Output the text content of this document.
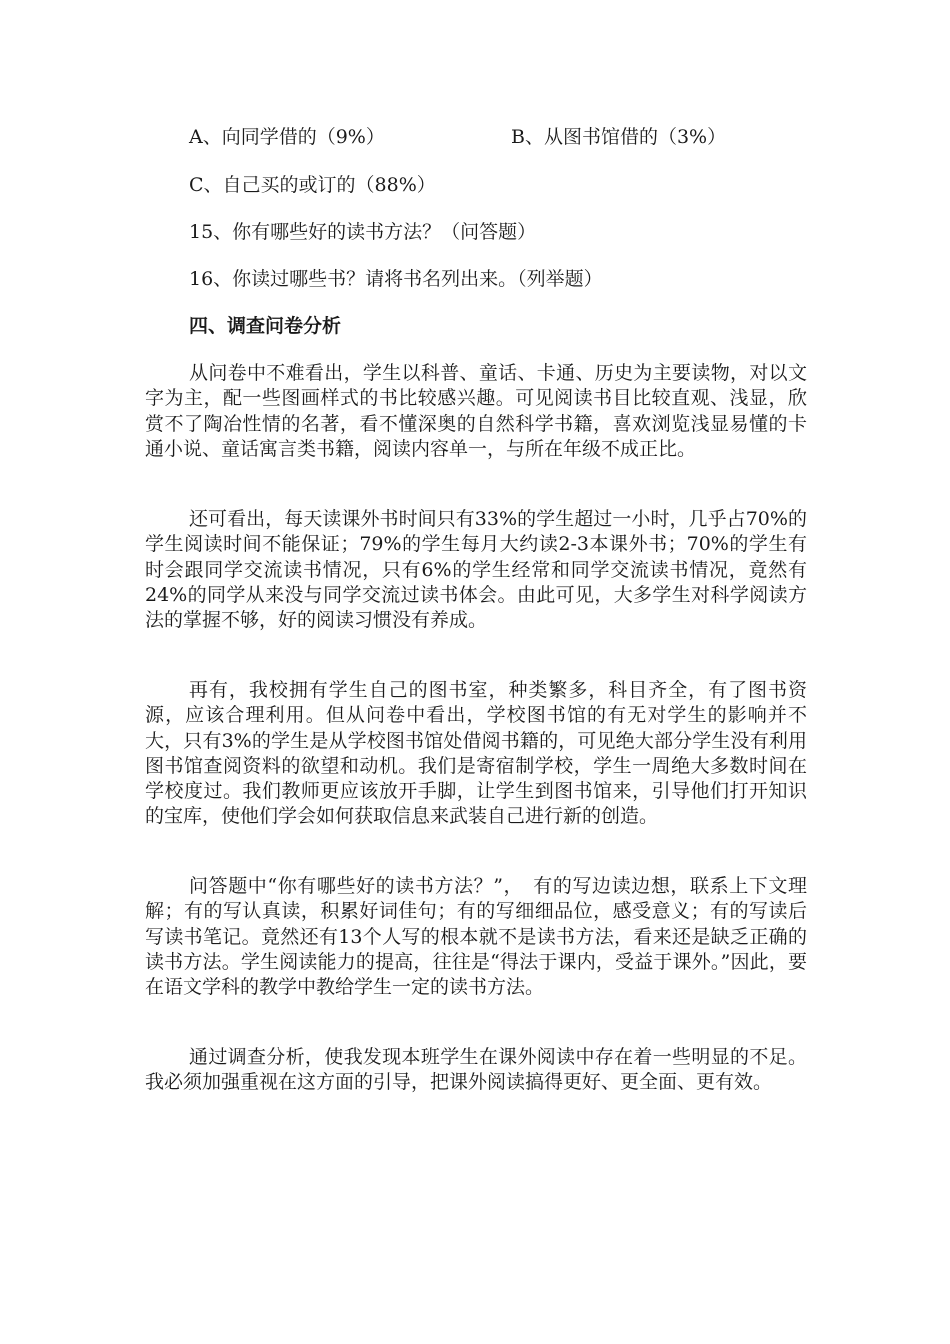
A、向同学借的（9%）	B、从图书馆借的（3%）
C、自己买的或订的（88%）
15、你有哪些好的读书方法？（问答题）
16、你读过哪些书？请将书名列出来。（列举题）
四、调查问卷分析

从问卷中不难看出，学生以科普、童话、卡通、历史为主要读物，对以文字为主，配一些图画样式的书比较感兴趣。可见阅读书目比较直观、浅显，欣赏不了陶冶性情的名著，看不懂深奥的自然科学书籍，喜欢浏览浅显易懂的卡通小说、童话寓言类书籍，阅读内容单一，与所在年级不成正比。

还可看出，每天读课外书时间只有33%的学生超过一小时，几乎占70%的学生阅读时间不能保证；79%的学生每月大约读2-3本课外书；70%的学生有时会跟同学交流读书情况，只有6%的学生经常和同学交流读书情况，竟然有24%的同学从来没与同学交流过读书体会。由此可见，大多学生对科学阅读方法的掌握不够，好的阅读习惯没有养成。

再有，我校拥有学生自己的图书室，种类繁多，科目齐全，有了图书资源，应该合理利用。但从问卷中看出，学校图书馆的有无对学生的影响并不大，只有3%的学生是从学校图书馆处借阅书籍的，可见绝大部分学生没有利用图书馆查阅资料的欲望和动机。我们是寄宿制学校，学生一周绝大多数时间在学校度过。我们教师更应该放开手脚，让学生到图书馆来，引导他们打开知识的宝库，使他们学会如何获取信息来武装自己进行新的创造。

问答题中“你有哪些好的读书方法？”，　有的写边读边想，联系上下文理解；有的写认真读，积累好词佳句；有的写细细品位，感受意义；有的写读后写读书笔记。竟然还有13个人写的根本就不是读书方法，看来还是缺乏正确的读书方法。学生阅读能力的提高，往往是“得法于课内，受益于课外。”因此，要在语文学科的教学中教给学生一定的读书方法。

通过调查分析，使我发现本班学生在课外阅读中存在着一些明显的不足。我必须加强重视在这方面的引导，把课外阅读搞得更好、更全面、更有效。
